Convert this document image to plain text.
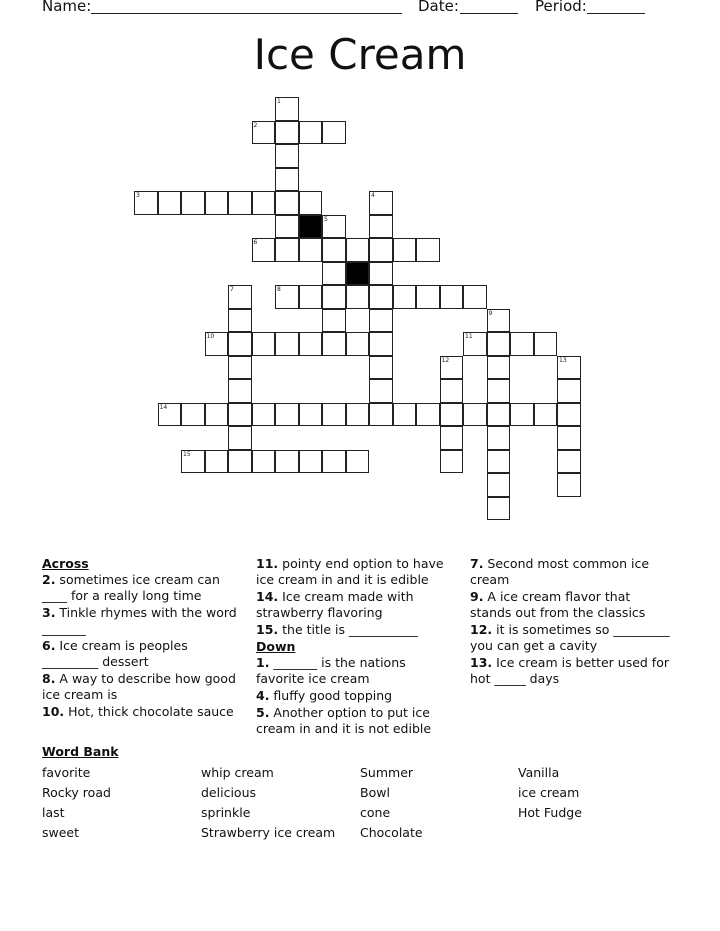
Name:	Date:	Period:
Ice Cream
1
2
3	4
5
6
7	8
9
10	11
12	13
14
15
Across
2. sometimes ice cream can ____ for a really long time
3. Tinkle rhymes with the word _______
6. Ice cream is peoples _________ dessert
8. A way to describe how good ice cream is
10. Hot, thick chocolate sauce
11. pointy end option to have ice cream in and it is edible
14. Ice cream made with strawberry flavoring
15. the title is ___________
Down
1. _______ is the nations favorite ice cream
4. fluffy good topping
5. Another option to put ice cream in and it is not edible
7. Second most common ice cream
9. A ice cream flavor that stands out from the classics
12. it is sometimes so _________ you can get a cavity
13. Ice cream is better used for hot _____ days
Word Bank
favorite
Rocky road
last
sweet
whip cream
delicious
sprinkle
Strawberry ice cream
Summer
Bowl
cone
Chocolate
Vanilla
ice cream
Hot Fudge
